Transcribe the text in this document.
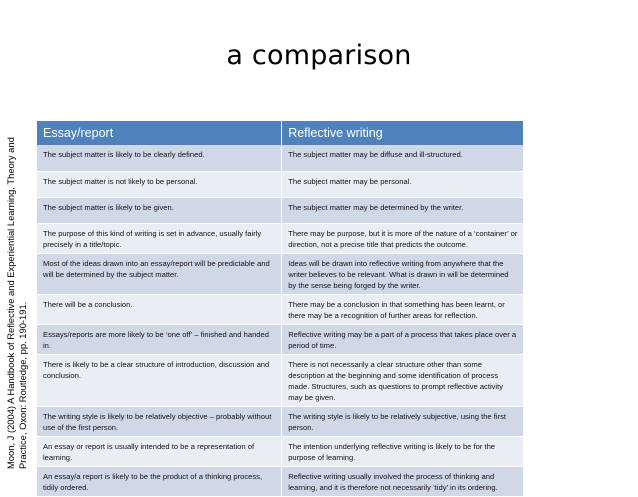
a comparison
Moon, J (2004) A Handbook of Reflective and Experiential Learning, Theory and Practice, Oxon: Routledge, pp. 190-191.
Essay/report	Reflective writing
The subject matter is likely to be clearly defined.	The subject matter may be diffuse and ill-structured.
The subject matter is not likely to be personal.	The subject matter may be personal.
The subject matter is likely to be given.	The subject matter may be determined by the writer.
The purpose of this kind of writing is set in advance, usually fairly precisely in a title/topic.	There may be purpose, but it is more of the nature of a ‘container’ or direction, not a precise title that predicts the outcome.
Most of the ideas drawn into an essay/report will be predictable and will be determined by the subject matter.	Ideas will be drawn into reflective writing from anywhere that the writer believes to be relevant. What is drawn in will be determined by the sense being forged by the writer.
There will be a conclusion.	There may be a conclusion in that something has been learnt, or there may be a recognition of further areas for reflection.
Essays/reports are more likely to be ‘one off’ – finished and handed in.	Reflective writing may be a part of a process that takes place over a period of time.
There is likely to be a clear structure of introduction, discussion and conclusion.	There is not necessarily a clear structure other than some description at the beginning and some identification of process made. Structures, such as questions to prompt reflective activity may be given.
The writing style is likely to be relatively objective – probably without use of the first person.	The writing style is likely to be relatively subjective, using the first person.
An essay or report is usually intended to be a representation of learning.	The intention underlying reflective writing is likely to be for the purpose of learning.
An essay/a report is likely to be the product of a thinking process, tidily ordered.	Reflective writing usually involved the process of thinking and learning, and it is therefore not necessarily ‘tidy’ in its ordering.
